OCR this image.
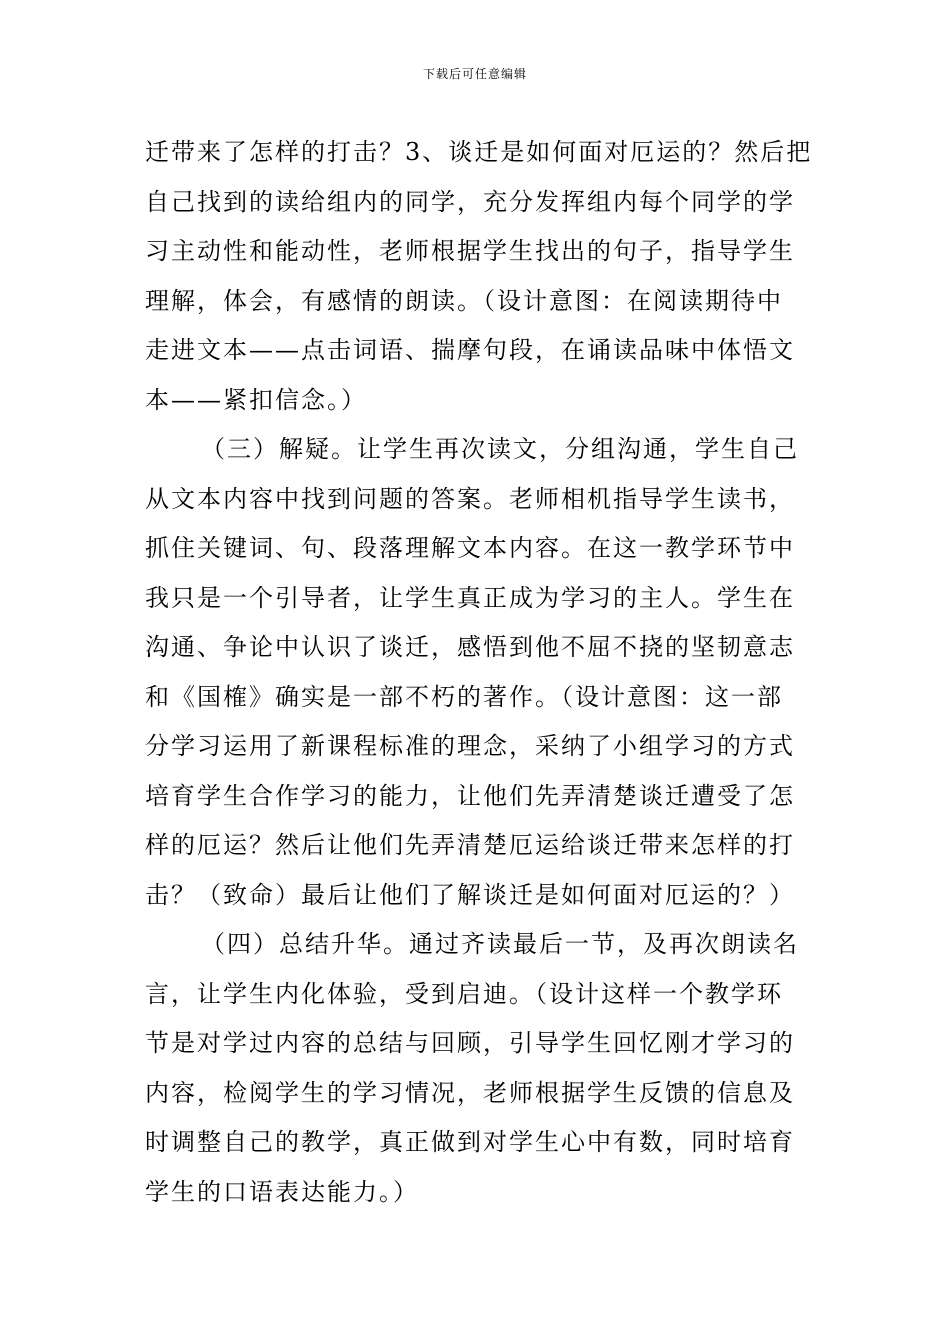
下载后可任意编辑
迁带来了怎样的打击？3、谈迁是如何面对厄运的？然后把
自己找到的读给组内的同学，充分发挥组内每个同学的学
习主动性和能动性，老师根据学生找出的句子，指导学生
理解，体会，有感情的朗读。（设计意图：在阅读期待中
走进文本——点击词语、揣摩句段，在诵读品味中体悟文
本——紧扣信念。）
（三）解疑。让学生再次读文，分组沟通，学生自己
从文本内容中找到问题的答案。老师相机指导学生读书，
抓住关键词、句、段落理解文本内容。在这一教学环节中
我只是一个引导者，让学生真正成为学习的主人。学生在
沟通、争论中认识了谈迁，感悟到他不屈不挠的坚韧意志
和《国榷》确实是一部不朽的著作。（设计意图：这一部
分学习运用了新课程标准的理念，采纳了小组学习的方式
培育学生合作学习的能力，让他们先弄清楚谈迁遭受了怎
样的厄运？然后让他们先弄清楚厄运给谈迁带来怎样的打
击？（致命）最后让他们了解谈迁是如何面对厄运的？）
（四）总结升华。通过齐读最后一节，及再次朗读名
言，让学生内化体验，受到启迪。（设计这样一个教学环
节是对学过内容的总结与回顾，引导学生回忆刚才学习的
内容，检阅学生的学习情况，老师根据学生反馈的信息及
时调整自己的教学，真正做到对学生心中有数，同时培育
学生的口语表达能力。）
